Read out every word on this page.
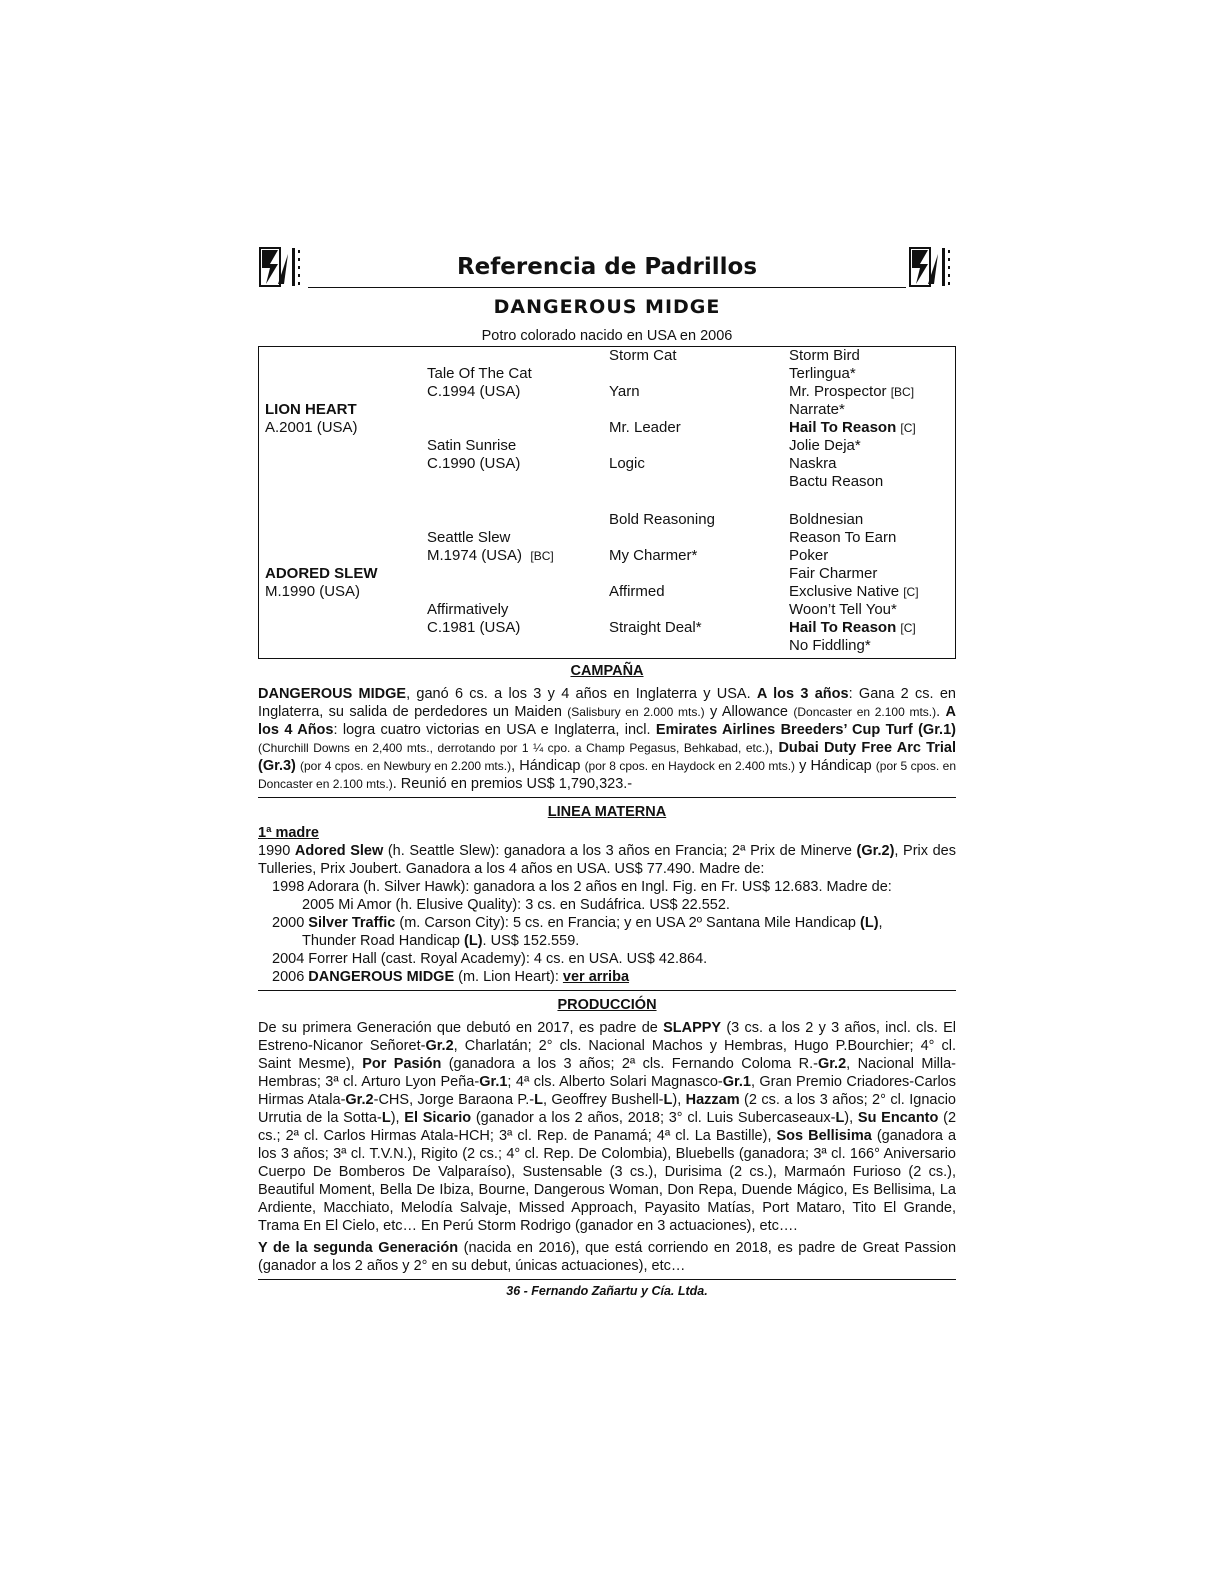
Referencia de Padrillos
DANGEROUS MIDGE
Potro colorado nacido en USA en 2006
LION HEART
A.2001 (USA)
ADORED SLEW
M.1990 (USA)
Tale Of The Cat
C.1994 (USA)
Satin Sunrise
C.1990 (USA)
Seattle Slew
M.1974 (USA) [BC]
Affirmatively
C.1981 (USA)
Storm Cat
Yarn
Mr. Leader
Logic
Bold Reasoning
My Charmer*
Affirmed
Straight Deal*
Storm Bird
Terlingua*
Mr. Prospector [BC]
Narrate*
Hail To Reason [C]
Jolie Deja*
Naskra
Bactu Reason
Boldnesian
Reason To Earn
Poker
Fair Charmer
Exclusive Native [C]
Woon’t Tell You*
Hail To Reason [C]
No Fiddling*
CAMPAÑA
DANGEROUS MIDGE, ganó 6 cs. a los 3 y 4 años en Inglaterra y USA. A los 3 años: Gana 2 cs. en Inglaterra, su salida de perdedores un Maiden (Salisbury en 2.000 mts.) y Allowance (Doncaster en 2.100 mts.). A los 4 Años: logra cuatro victorias en USA e Inglaterra, incl. Emirates Airlines Breeders’ Cup Turf (Gr.1) (Churchill Downs en 2,400 mts., derrotando por 1 ¼ cpo. a Champ Pegasus, Behkabad, etc.), Dubai Duty Free Arc Trial (Gr.3) (por 4 cpos. en Newbury en 2.200 mts.), Hándicap (por 8 cpos. en Haydock en 2.400 mts.) y Hándicap (por 5 cpos. en Doncaster en 2.100 mts.). Reunió en premios US$ 1,790,323.-
LINEA MATERNA
1ª madre
1990 Adored Slew (h. Seattle Slew): ganadora a los 3 años en Francia; 2ª Prix de Minerve (Gr.2), Prix des Tulleries, Prix Joubert. Ganadora a los 4 años en USA. US$ 77.490. Madre de:
1998 Adorara (h. Silver Hawk): ganadora a los 2 años en Ingl. Fig. en Fr. US$ 12.683. Madre de:
2005 Mi Amor (h. Elusive Quality): 3 cs. en Sudáfrica. US$ 22.552.
2000 Silver Traffic (m. Carson City): 5 cs. en Francia; y en USA 2º Santana Mile Handicap (L),
Thunder Road Handicap (L). US$ 152.559.
2004 Forrer Hall (cast. Royal Academy): 4 cs. en USA. US$ 42.864.
2006 DANGEROUS MIDGE (m. Lion Heart): ver arriba
PRODUCCIÓN
De su primera Generación que debutó en 2017, es padre de SLAPPY (3 cs. a los 2 y 3 años, incl. cls. El Estreno-Nicanor Señoret-Gr.2, Charlatán; 2° cls. Nacional Machos y Hembras, Hugo P.Bourchier; 4° cl. Saint Mesme), Por Pasión (ganadora a los 3 años; 2ª cls. Fernando Coloma R.-Gr.2, Nacional Milla-Hembras; 3ª cl. Arturo Lyon Peña-Gr.1; 4ª cls. Alberto Solari Magnasco-Gr.1, Gran Premio Criadores-Carlos Hirmas Atala-Gr.2-CHS, Jorge Baraona P.-L, Geoffrey Bushell-L), Hazzam (2 cs. a los 3 años; 2° cl. Ignacio Urrutia de la Sotta-L), El Sicario (ganador a los 2 años, 2018; 3° cl. Luis Subercaseaux-L), Su Encanto (2 cs.; 2ª cl. Carlos Hirmas Atala-HCH; 3ª cl. Rep. de Panamá; 4ª cl. La Bastille), Sos Bellisima (ganadora a los 3 años; 3ª cl. T.V.N.), Rigito (2 cs.; 4° cl. Rep. De Colombia), Bluebells (ganadora; 3ª cl. 166° Aniversario Cuerpo De Bomberos De Valparaíso), Sustensable (3 cs.), Durisima (2 cs.), Marmaón Furioso (2 cs.), Beautiful Moment, Bella De Ibiza, Bourne, Dangerous Woman, Don Repa, Duende Mágico, Es Bellisima, La Ardiente, Macchiato, Melodía Salvaje, Missed Approach, Payasito Matías, Port Mataro, Tito El Grande, Trama En El Cielo, etc… En Perú Storm Rodrigo (ganador en 3 actuaciones), etc….
Y de la segunda Generación (nacida en 2016), que está corriendo en 2018, es padre de Great Passion (ganador a los 2 años y 2° en su debut, únicas actuaciones), etc…
36 - Fernando Zañartu y Cía. Ltda.
